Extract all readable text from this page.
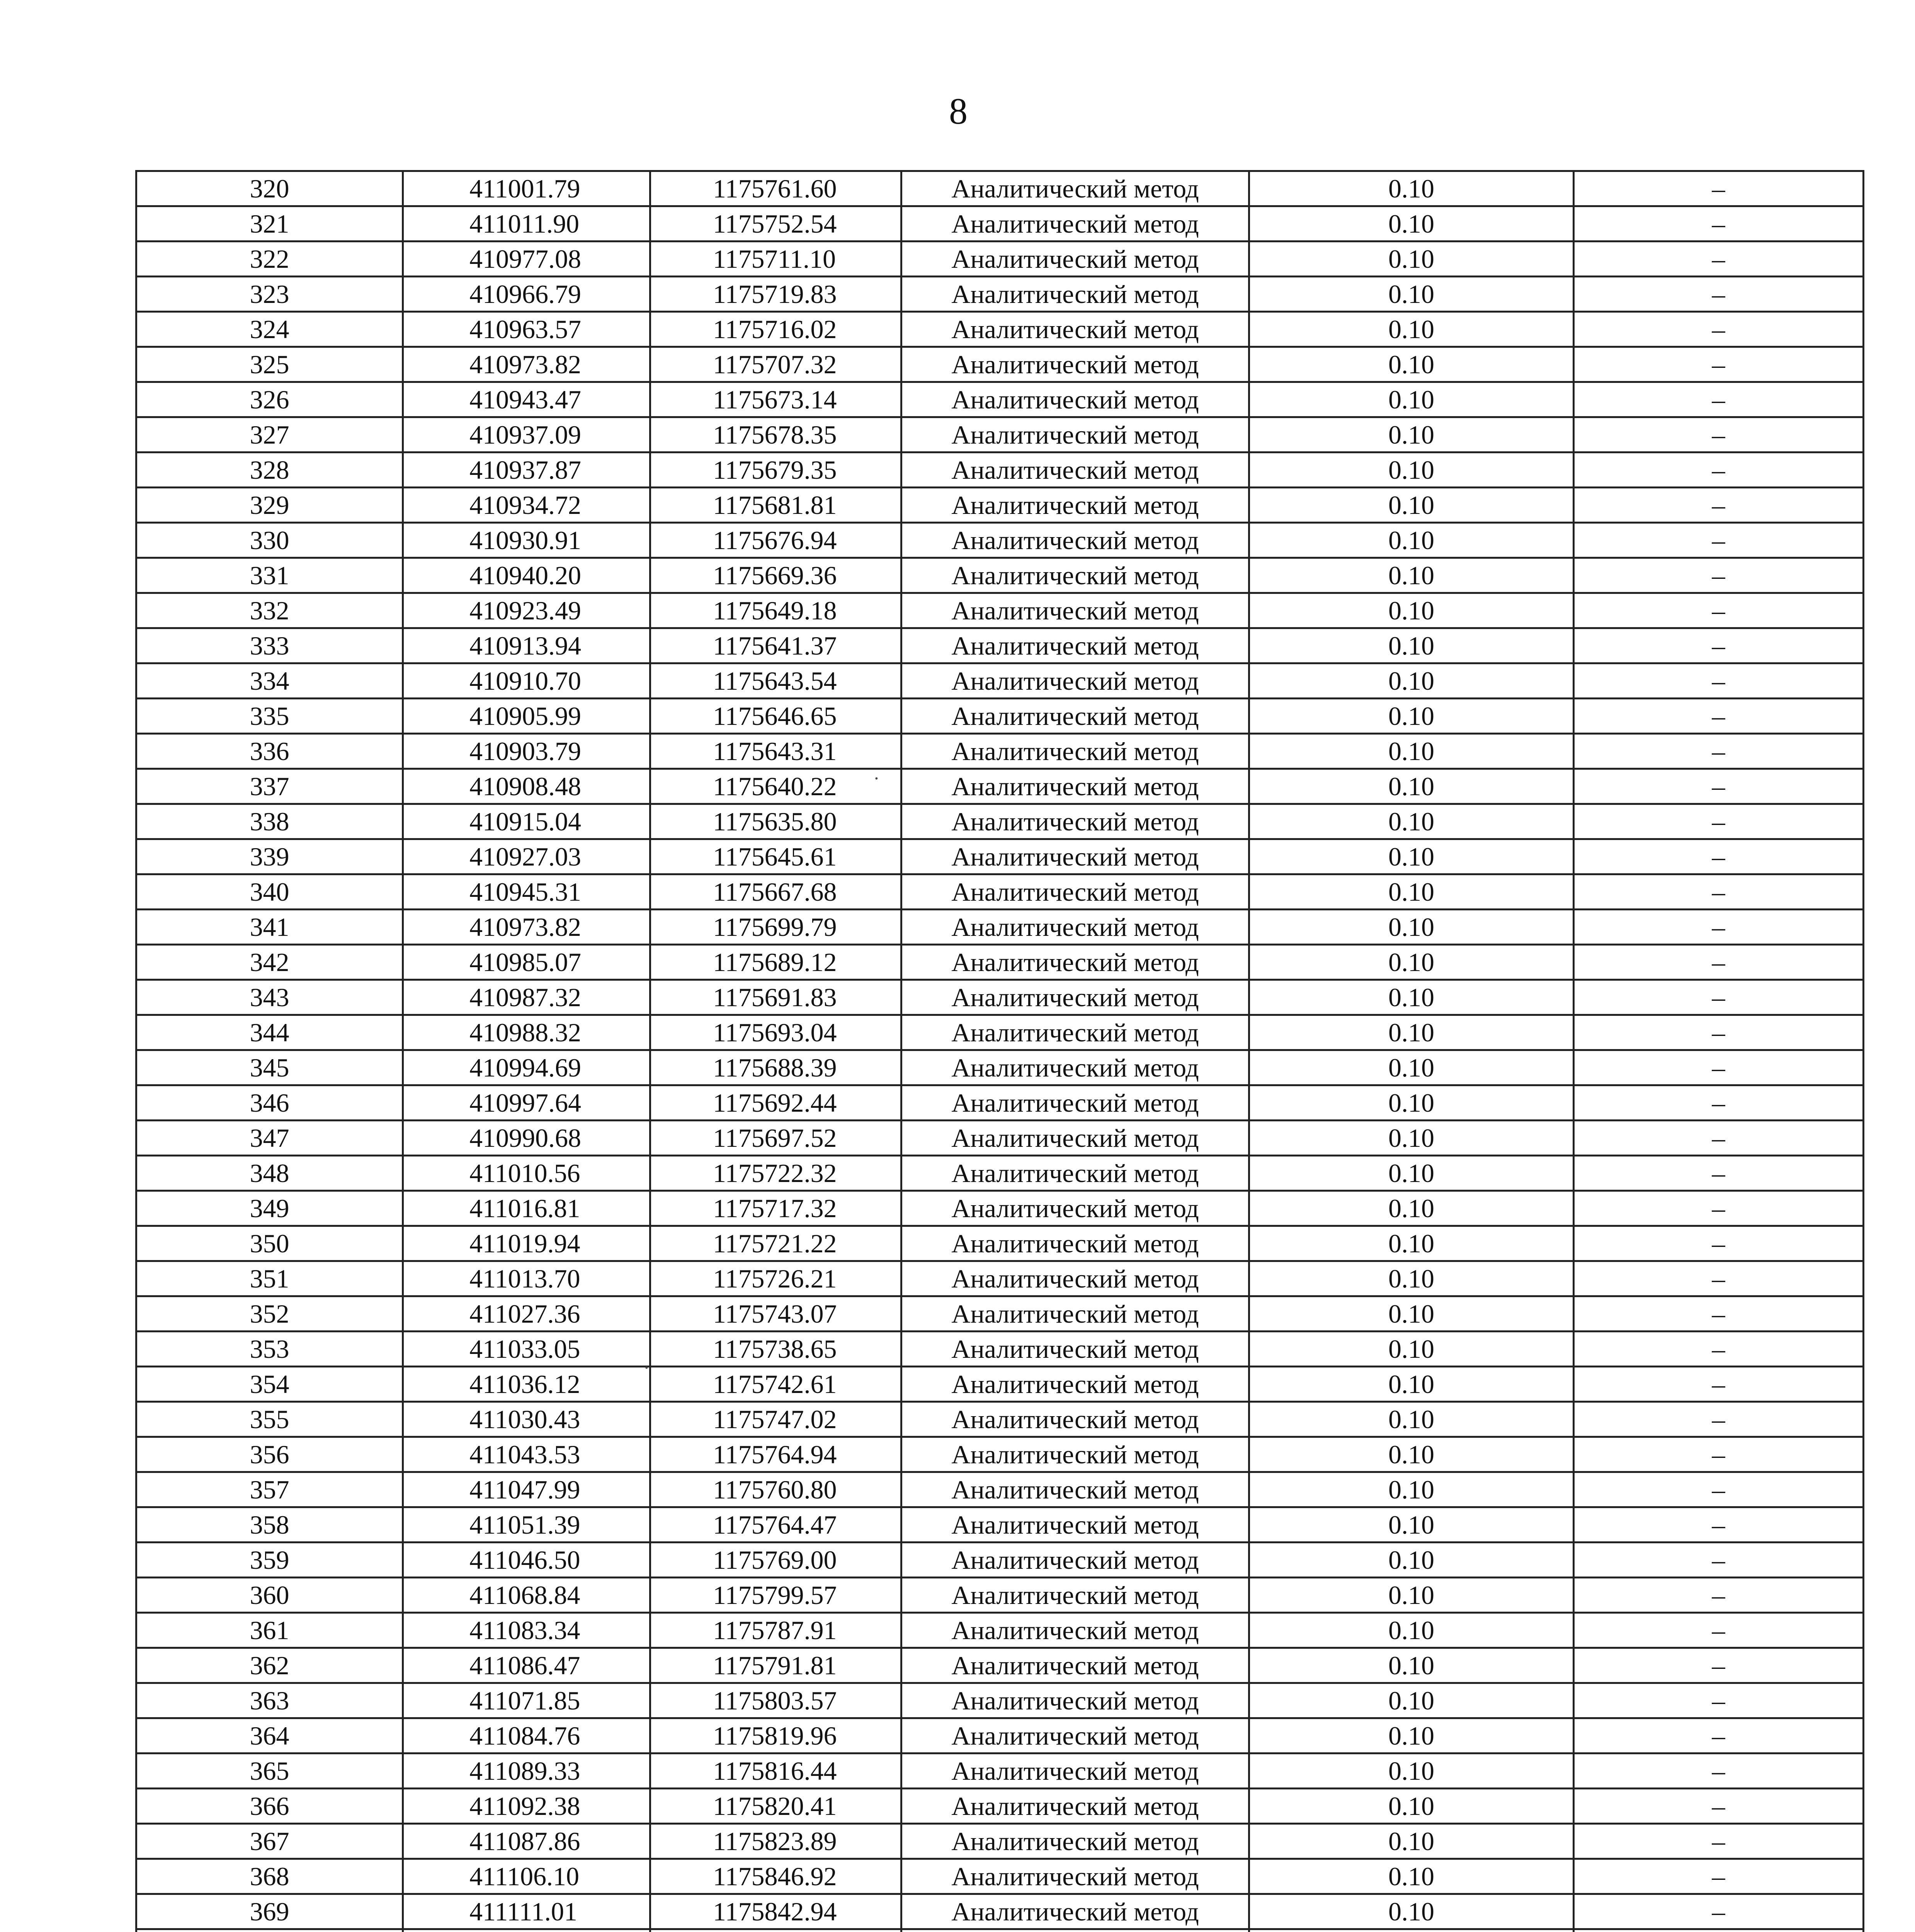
8
320	411001.79	1175761.60	Аналитический метод	0.10	–
321	411011.90	1175752.54	Аналитический метод	0.10	–
322	410977.08	1175711.10	Аналитический метод	0.10	–
323	410966.79	1175719.83	Аналитический метод	0.10	–
324	410963.57	1175716.02	Аналитический метод	0.10	–
325	410973.82	1175707.32	Аналитический метод	0.10	–
326	410943.47	1175673.14	Аналитический метод	0.10	–
327	410937.09	1175678.35	Аналитический метод	0.10	–
328	410937.87	1175679.35	Аналитический метод	0.10	–
329	410934.72	1175681.81	Аналитический метод	0.10	–
330	410930.91	1175676.94	Аналитический метод	0.10	–
331	410940.20	1175669.36	Аналитический метод	0.10	–
332	410923.49	1175649.18	Аналитический метод	0.10	–
333	410913.94	1175641.37	Аналитический метод	0.10	–
334	410910.70	1175643.54	Аналитический метод	0.10	–
335	410905.99	1175646.65	Аналитический метод	0.10	–
336	410903.79	1175643.31	Аналитический метод	0.10	–
337	410908.48	1175640.22	Аналитический метод	0.10	–
338	410915.04	1175635.80	Аналитический метод	0.10	–
339	410927.03	1175645.61	Аналитический метод	0.10	–
340	410945.31	1175667.68	Аналитический метод	0.10	–
341	410973.82	1175699.79	Аналитический метод	0.10	–
342	410985.07	1175689.12	Аналитический метод	0.10	–
343	410987.32	1175691.83	Аналитический метод	0.10	–
344	410988.32	1175693.04	Аналитический метод	0.10	–
345	410994.69	1175688.39	Аналитический метод	0.10	–
346	410997.64	1175692.44	Аналитический метод	0.10	–
347	410990.68	1175697.52	Аналитический метод	0.10	–
348	411010.56	1175722.32	Аналитический метод	0.10	–
349	411016.81	1175717.32	Аналитический метод	0.10	–
350	411019.94	1175721.22	Аналитический метод	0.10	–
351	411013.70	1175726.21	Аналитический метод	0.10	–
352	411027.36	1175743.07	Аналитический метод	0.10	–
353	411033.05	1175738.65	Аналитический метод	0.10	–
354	411036.12	1175742.61	Аналитический метод	0.10	–
355	411030.43	1175747.02	Аналитический метод	0.10	–
356	411043.53	1175764.94	Аналитический метод	0.10	–
357	411047.99	1175760.80	Аналитический метод	0.10	–
358	411051.39	1175764.47	Аналитический метод	0.10	–
359	411046.50	1175769.00	Аналитический метод	0.10	–
360	411068.84	1175799.57	Аналитический метод	0.10	–
361	411083.34	1175787.91	Аналитический метод	0.10	–
362	411086.47	1175791.81	Аналитический метод	0.10	–
363	411071.85	1175803.57	Аналитический метод	0.10	–
364	411084.76	1175819.96	Аналитический метод	0.10	–
365	411089.33	1175816.44	Аналитический метод	0.10	–
366	411092.38	1175820.41	Аналитический метод	0.10	–
367	411087.86	1175823.89	Аналитический метод	0.10	–
368	411106.10	1175846.92	Аналитический метод	0.10	–
369	411111.01	1175842.94	Аналитический метод	0.10	–

·
·
